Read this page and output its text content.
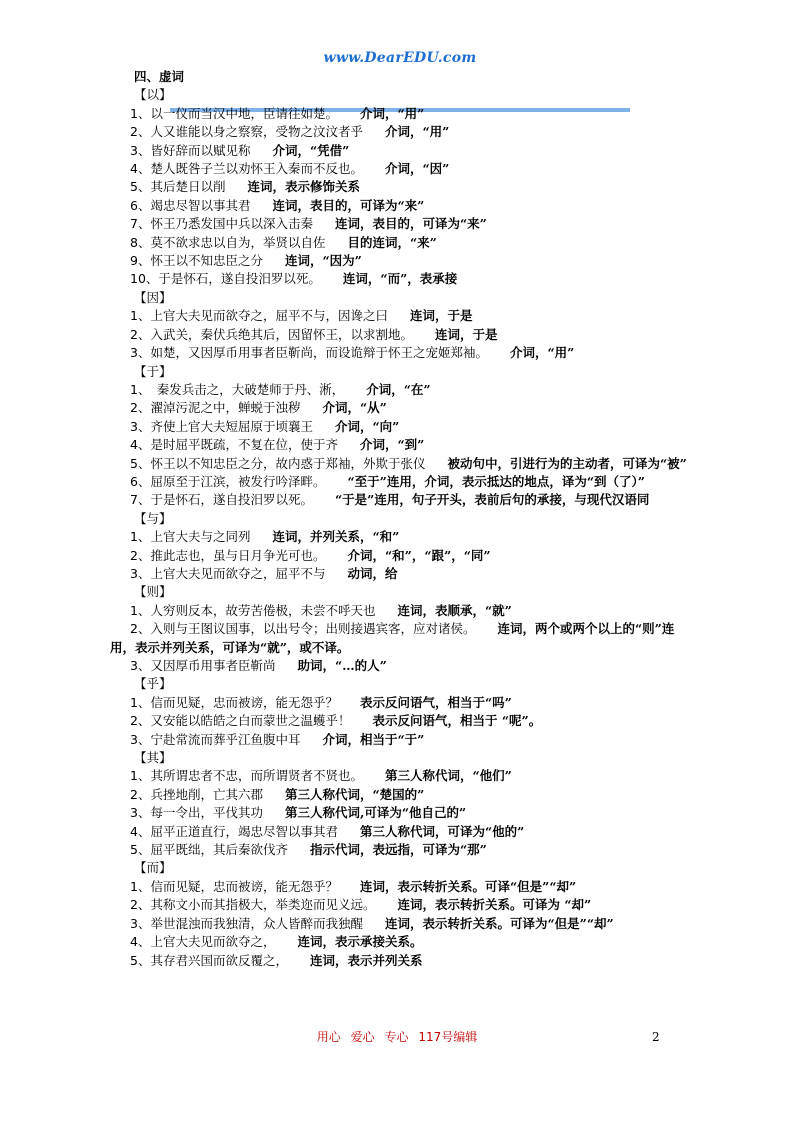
www.DearEDU.com
四、虚词
【以】
1、以一仪而当汉中地，臣请往如楚。 介词，“用”
2、人又谁能以身之察察，受物之汶汶者乎 介词，“用”
3、皆好辞而以赋见称 介词，“凭借”
4、楚人既咎子兰以劝怀王入秦而不反也。 介词，“因”
5、其后楚日以削 连词，表示修饰关系
6、竭忠尽智以事其君 连词，表目的，可译为“来”
7、怀王乃悉发国中兵以深入击秦 连词，表目的，可译为“来”
8、莫不欲求忠以自为，举贤以自佐 目的连词，“来”
9、怀王以不知忠臣之分 连词，“因为”
10、于是怀石，遂自投汨罗以死。 连词，“而”，表承接
【因】
1、上官大夫见而欲夺之，屈平不与，因谗之曰 连词，于是
2、入武关，秦伏兵绝其后，因留怀王，以求割地。 连词，于是
3、如楚，又因厚币用事者臣靳尚，而设诡辩于怀王之宠姬郑袖。 介词，“用”
【于】
1、　秦发兵击之，大破楚师于丹、淅， 介词，“在”
2、濯淖污泥之中，蝉蜕于浊秽 介词，“从”
3、齐使上官大夫短屈原于顷襄王 介词，“向”
4、是时屈平既疏，不复在位，使于齐 介词，“到”
5、怀王以不知忠臣之分，故内惑于郑袖，外欺于张仪 被动句中，引进行为的主动者，可译为“被”
6、屈原至于江滨，被发行吟泽畔。 “至于”连用，介词，表示抵达的地点，译为“到（了）”
7、于是怀石，遂自投汨罗以死。 “于是”连用，句子开头，表前后句的承接，与现代汉语同
【与】
1、上官大夫与之同列 连词，并列关系，“和”
2、推此志也，虽与日月争光可也。 介词，“和”，“跟”，“同”
3、上官大夫见而欲夺之，屈平不与 动词，给
【则】
1、人穷则反本，故劳苦倦极，未尝不呼天也 连词，表顺承，“就”
2、入则与王图议国事，以出号令；出则接遇宾客，应对诸侯。 连词，两个或两个以上的“则”连用，表示并列关系，可译为“就”，或不译。
3、又因厚币用事者臣靳尚 助词，“…的人”
【乎】
1、信而见疑，忠而被谤，能无怨乎？ 表示反问语气，相当于“吗”
2、又安能以皓皓之白而蒙世之温蠖乎！ 表示反问语气，相当于 “呢”。
3、宁赴常流而葬乎江鱼腹中耳 介词，相当于“于”
【其】
1、其所谓忠者不忠，而所谓贤者不贤也。 第三人称代词，“他们”
2、兵挫地削，亡其六郡 第三人称代词，“楚国的”
3、每一令出，平伐其功 第三人称代词,可译为“他自己的”
4、屈平正道直行，竭忠尽智以事其君 第三人称代词，可译为“他的”
5、屈平既绌，其后秦欲伐齐 指示代词，表远指，可译为“那”
【而】
1、信而见疑，忠而被谤，能无怨乎？ 连词，表示转折关系。可译“但是”“却”
2、其称文小而其指极大，举类迩而见义远。 连词，表示转折关系。可译为 “却”
3、举世混浊而我独清，众人皆醉而我独醒 连词，表示转折关系。可译为“但是”“却”
4、上官大夫见而欲夺之， 连词，表示承接关系。
5、其存君兴国而欲反覆之， 连词，表示并列关系
用心 爱心 专心 117号编辑	2
